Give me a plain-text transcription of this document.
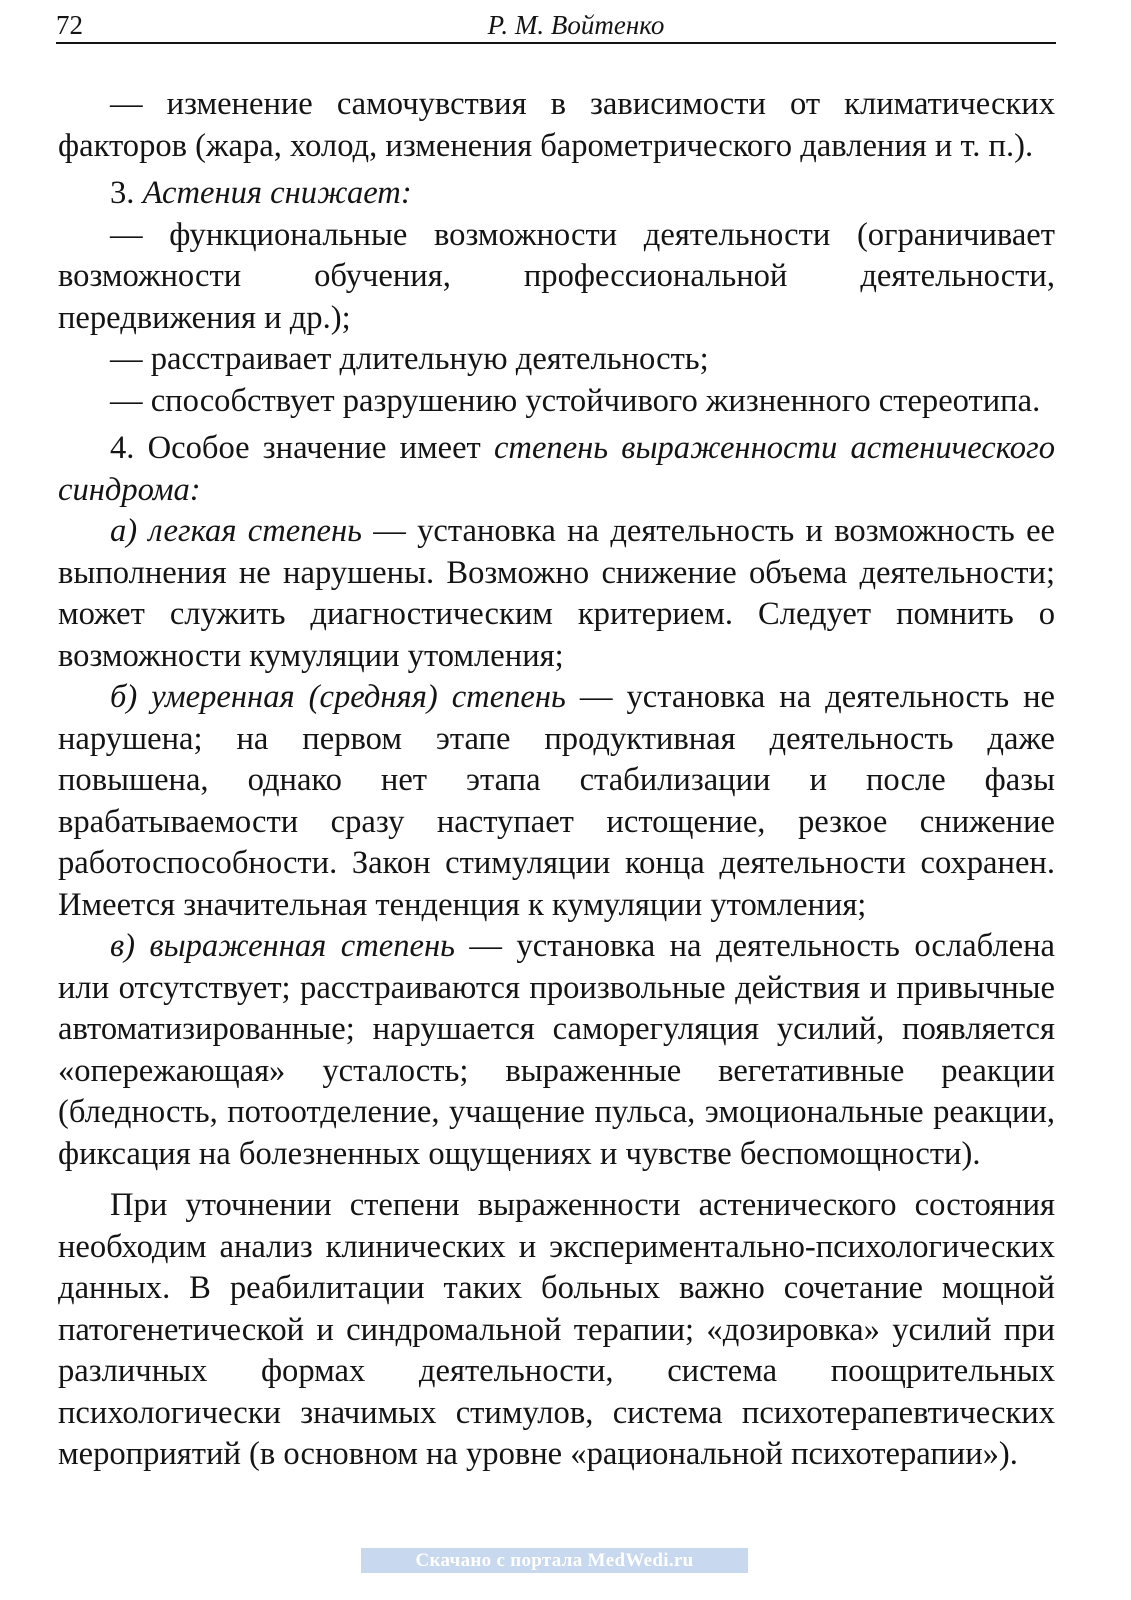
72	Р. М. Войтенко

— изменение самочувствия в зависимости от климатических факторов (жара, холод, изменения барометрического давления и т. п.).

3. Астения снижает:

— функциональные возможности деятельности (ограничивает возможности обучения, профессиональной деятельности, передвижения и др.);

— расстраивает длительную деятельность;

— способствует разрушению устойчивого жизненного стереотипа.

4. Особое значение имеет степень выраженности астенического синдрома:

а) легкая степень — установка на деятельность и возможность ее выполнения не нарушены. Возможно снижение объема деятельности; может служить диагностическим критерием. Следует помнить о возможности кумуляции утомления;

б) умеренная (средняя) степень — установка на деятельность не нарушена; на первом этапе продуктивная деятельность даже повышена, однако нет этапа стабилизации и после фазы врабатываемости сразу наступает истощение, резкое снижение работоспособности. Закон стимуляции конца деятельности сохранен. Имеется значительная тенденция к кумуляции утомления;

в) выраженная степень — установка на деятельность ослаблена или отсутствует; расстраиваются произвольные действия и привычные автоматизированные; нарушается саморегуляция усилий, появляется «опережающая» усталость; выраженные вегетативные реакции (бледность, потоотделение, учащение пульса, эмоциональные реакции, фиксация на болезненных ощущениях и чувстве беспомощности).

При уточнении степени выраженности астенического состояния необходим анализ клинических и экспериментально-психологических данных. В реабилитации таких больных важно сочетание мощной патогенетической и синдромальной терапии; «дозировка» усилий при различных формах деятельности, система поощрительных психологически значимых стимулов, система психотерапевтических мероприятий (в основном на уровне «рациональной психотерапии»).

Скачано с портала MedWedi.ru
